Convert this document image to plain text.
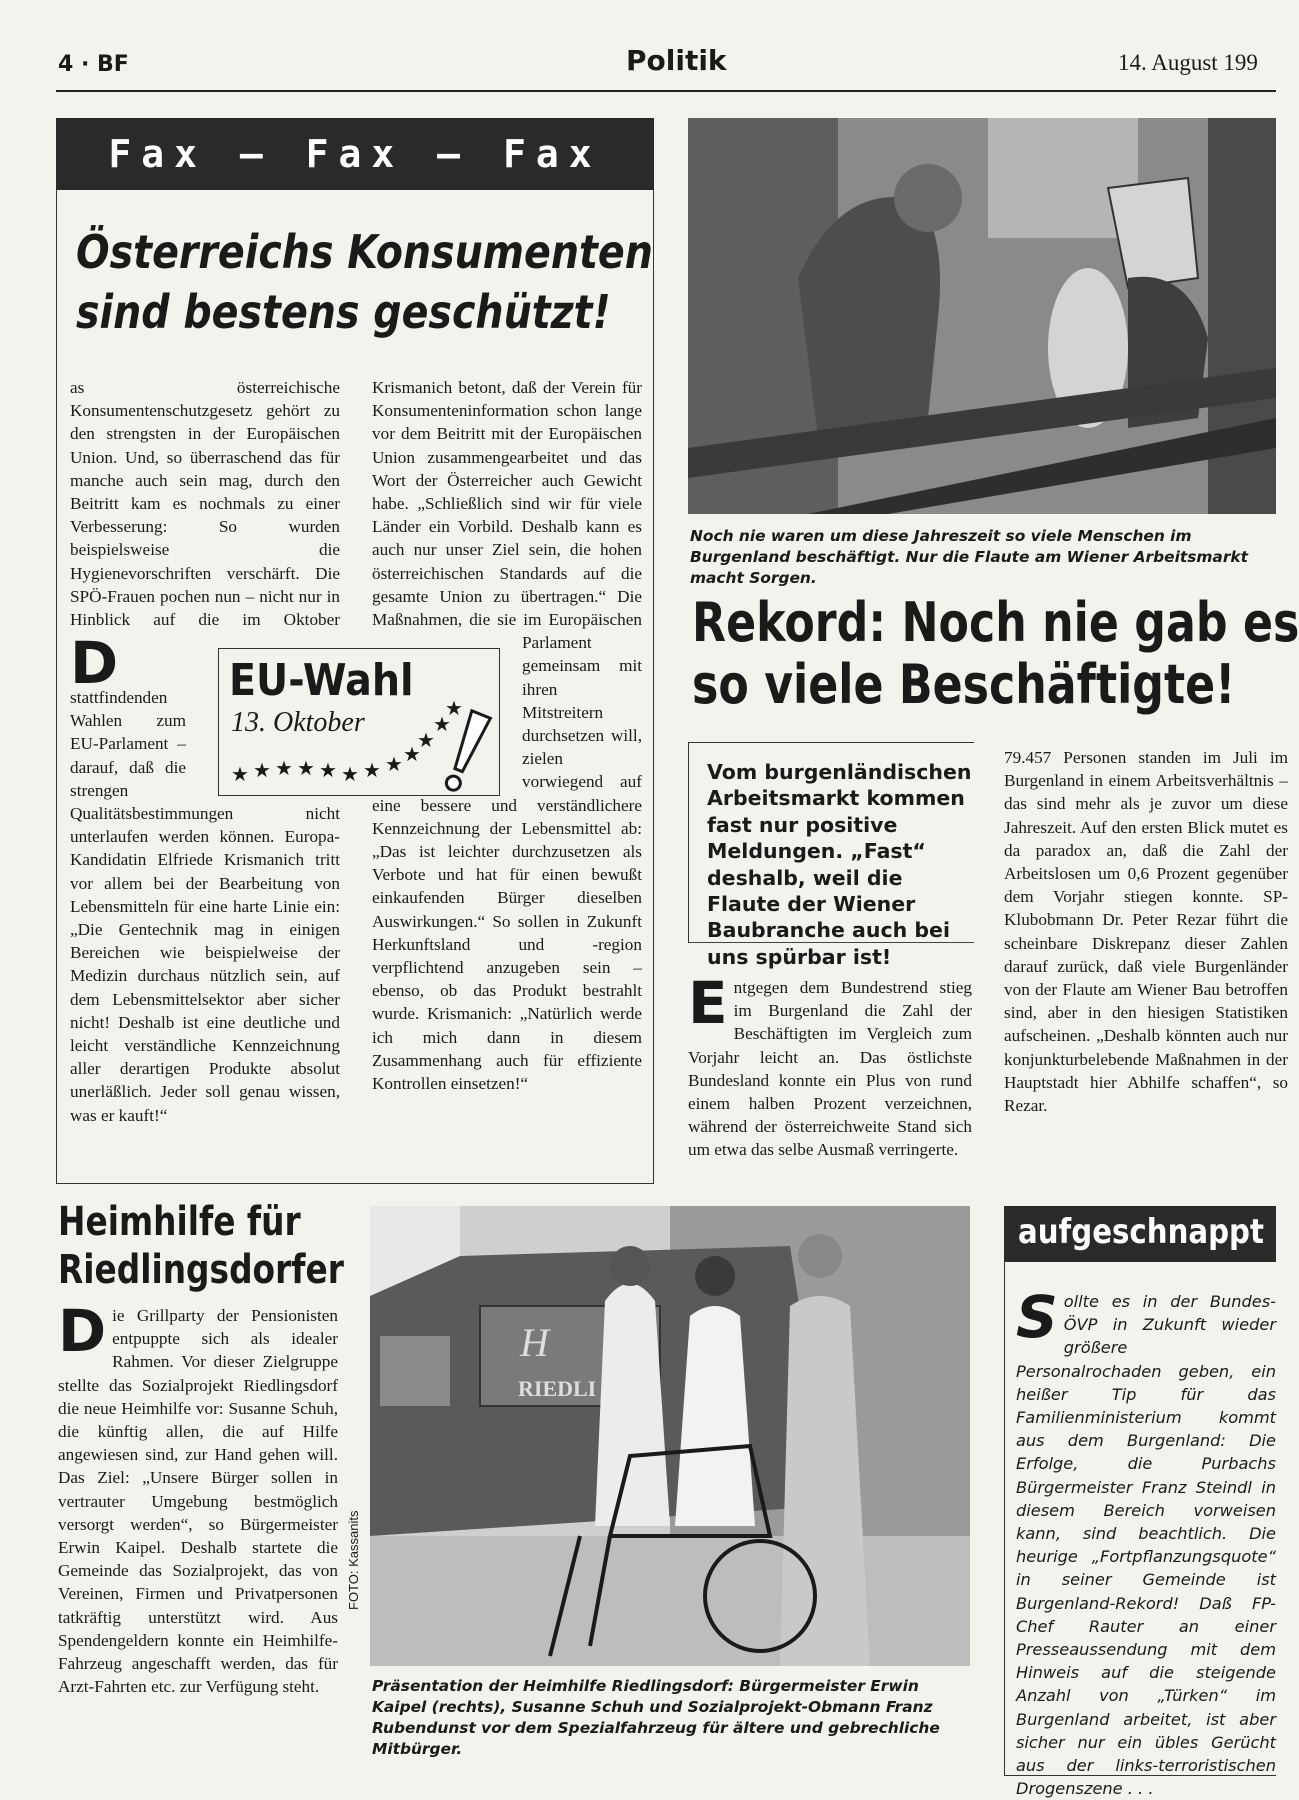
4 · BF	Politik	14. August 199
Fax – Fax – Fax
Österreichs Konsumenten
sind bestens geschützt!
D
as österreichische Konsumentenschutzgesetz gehört zu den strengsten in der Europäischen Union. Und, so überraschend das für manche auch sein mag, durch den Beitritt kam es nochmals zu einer Verbesserung: So wurden beispielsweise die Hygienevorschriften verschärft. Die SPÖ-Frauen pochen nun – nicht nur in Hinblick auf die im Oktober stattfindenden Wahlen zum EU-Parlament – darauf, daß die strengen Qualitätsbestimmungen nicht unterlaufen werden können. Europa-Kandidatin Elfriede Krismanich tritt vor allem bei der Bearbeitung von Lebensmitteln für eine harte Linie ein: „Die Gentechnik mag in einigen Bereichen wie beispielweise der Medizin durchaus nützlich sein, auf dem Lebensmittelsektor aber sicher nicht! Deshalb ist eine deutliche und leicht verständliche Kennzeichnung aller derartigen Produkte absolut unerläßlich. Jeder soll genau wissen, was er kauft!“
Krismanich betont, daß der Verein für Konsumenteninformation schon lange vor dem Beitritt mit der Europäischen Union zusammengearbeitet und das Wort der Österreicher auch Gewicht habe. „Schließlich sind wir für viele Länder ein Vorbild. Deshalb kann es auch nur unser Ziel sein, die hohen österreichischen Standards auf die gesamte Union zu übertragen.“ Die Maßnahmen, die sie im Europäischen Parlament gemeinsam mit ihren Mitstreitern durchsetzen will, zielen vorwiegend auf eine bessere und verständlichere Kennzeichnung der Lebensmittel ab: „Das ist leichter durchzusetzen als Verbote und hat für einen bewußt einkaufenden Bürger dieselben Auswirkungen.“ So sollen in Zukunft Herkunftsland und -region verpflichtend anzugeben sein – ebenso, ob das Produkt bestrahlt wurde. Krismanich: „Natürlich werde ich mich dann in diesem Zusammenhang auch für effiziente Kontrollen einsetzen!“
EU-Wahl
13. Oktober
★ ★ ★ ★ ★ ★ ★ ★ ★
★
★
★
Noch nie waren um diese Jahreszeit so viele Menschen im Burgenland beschäftigt. Nur die Flaute am Wiener Arbeitsmarkt macht Sorgen.
Rekord: Noch nie gab es
so viele Beschäftigte!
Vom burgenländischen Arbeitsmarkt kommen fast nur positive Meldungen. „Fast“ deshalb, weil die Flaute der Wiener Baubranche auch bei uns spürbar ist!
Entgegen dem Bundestrend stieg im Burgenland die Zahl der Beschäftigten im Vergleich zum Vorjahr leicht an. Das östlichste Bundesland konnte ein Plus von rund einem halben Prozent verzeichnen, während der österreichweite Stand sich um etwa das selbe Ausmaß verringerte.
79.457 Personen standen im Juli im Burgenland in einem Arbeitsverhältnis – das sind mehr als je zuvor um diese Jahreszeit. Auf den ersten Blick mutet es da paradox an, daß die Zahl der Arbeitslosen um 0,6 Prozent gegenüber dem Vorjahr stiegen konnte. SP-Klubobmann Dr. Peter Rezar führt die scheinbare Diskrepanz dieser Zahlen darauf zurück, daß viele Burgenländer von der Flaute am Wiener Bau betroffen sind, aber in den hiesigen Statistiken aufscheinen. „Deshalb könnten auch nur konjunkturbelebende Maßnahmen in der Hauptstadt hier Abhilfe schaffen“, so Rezar.
Heimhilfe für
Riedlingsdorfer
Die Grillparty der Pensionisten entpuppte sich als idealer Rahmen. Vor dieser Zielgruppe stellte das Sozialprojekt Riedlingsdorf die neue Heimhilfe vor: Susanne Schuh, die künftig allen, die auf Hilfe angewiesen sind, zur Hand gehen will. Das Ziel: „Unsere Bürger sollen in vertrauter Umgebung bestmöglich versorgt werden“, so Bürgermeister Erwin Kaipel. Deshalb startete die Gemeinde das Sozialprojekt, das von Vereinen, Firmen und Privatpersonen tatkräftig unterstützt wird. Aus Spendengeldern konnte ein Heimhilfe-Fahrzeug angeschafft werden, das für Arzt-Fahrten etc. zur Verfügung steht.
FOTO: Kassanits
H
RIEDLI
Präsentation der Heimhilfe Riedlingsdorf: Bürgermeister Erwin Kaipel (rechts), Susanne Schuh und Sozialprojekt-Obmann Franz Rubendunst vor dem Spezialfahrzeug für ältere und gebrechliche Mitbürger.
aufgeschnappt
Sollte es in der Bundes-ÖVP in Zukunft wieder größere Personalrochaden geben, ein heißer Tip für das Familienministerium kommt aus dem Burgenland: Die Erfolge, die Purbachs Bürgermeister Franz Steindl in diesem Bereich vorweisen kann, sind beachtlich. Die heurige „Fortpflanzungsquote“ in seiner Gemeinde ist Burgenland-Rekord! Daß FP-Chef Rauter an einer Presseaussendung mit dem Hinweis auf die steigende Anzahl von „Türken“ im Burgenland arbeitet, ist aber sicher nur ein übles Gerücht aus der links-terroristischen Drogenszene . . .
